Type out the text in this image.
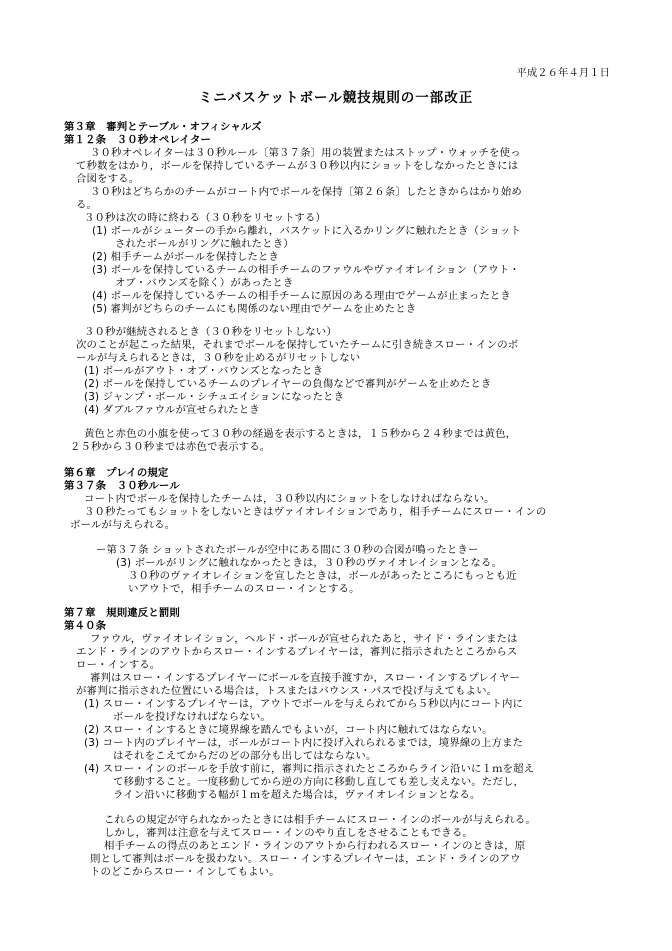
平成２６年４月１日
ミニバスケットボール競技規則の一部改正
第３章　審判とテーブル・オフィシャルズ
第１２条　３０秒オペレイター
３０秒オペレイターは３０秒ルール〔第３７条〕用の装置またはストップ・ウォッチを使っ
て秒数をはかり，ボールを保持しているチームが３０秒以内にショットをしなかったときには
合図をする。
３０秒はどちらかのチームがコート内でボールを保持〔第２６条〕したときからはかり始め
る。
３０秒は次の時に終わる（３０秒をリセットする）
(1) ボールがシューターの手から離れ，バスケットに入るかリングに触れたとき（ショット
されたボールがリングに触れたとき）
(2) 相手チームがボールを保持したとき
(3) ボールを保持しているチームの相手チームのファウルやヴァイオレイション（アウト・
オブ・バウンズを除く）があったとき
(4) ボールを保持しているチームの相手チームに原因のある理由でゲームが止まったとき
(5) 審判がどちらのチームにも関係のない理由でゲームを止めたとき
３０秒が継続されるとき（３０秒をリセットしない）
次のことが起こった結果，それまでボールを保持していたチームに引き続きスロー・インのボ
ールが与えられるときは，３０秒を止めるがリセットしない
(1) ボールがアウト・オブ・バウンズとなったとき
(2) ボールを保持しているチームのプレイヤーの負傷などで審判がゲームを止めたとき
(3) ジャンプ・ボール・シチュエイションになったとき
(4) ダブルファウルが宣せられたとき
黄色と赤色の小旗を使って３０秒の経過を表示するときは，１５秒から２４秒までは黄色，
２５秒から３０秒までは赤色で表示する。
第６章　プレイの規定
第３７条　３０秒ルール
コート内でボールを保持したチームは，３０秒以内にショットをしなければならない。
３０秒たってもショットをしないときはヴァイオレイションであり，相手チームにスロー・インの
ボールが与えられる。
ー第３７条 ショットされたボールが空中にある間に３０秒の合図が鳴ったときー
(3) ボールがリングに触れなかったときは，３０秒のヴァイオレイションとなる。
３０秒のヴァイオレイションを宣したときは，ボールがあったところにもっとも近
いアウトで，相手チームのスロー・インとする。
第７章　規則違反と罰則
第４０条
ファウル，ヴァイオレイション，ヘルド・ボールが宣せられたあと，サイド・ラインまたは
エンド・ラインのアウトからスロー・インするプレイヤーは，審判に指示されたところからス
ロー・インする。
審判はスロー・インするプレイヤーにボールを直接手渡すか，スロー・インするプレイヤー
が審判に指示された位置にいる場合は，トスまたはバウンス・パスで投げ与えてもよい。
(1) スロー・インするプレイヤーは，アウトでボールを与えられてから５秒以内にコート内に
ボールを投げなければならない。
(2) スロー・インするときに境界線を踏んでもよいが，コート内に触れてはならない。
(3) コート内のプレイヤーは，ボールがコート内に投げ入れられるまでは，境界線の上方また
はそれをこえてからだのどの部分も出してはならない。
(4) スロー・インのボールを手放す前に，審判に指示されたところからライン沿いに１ｍを超え
て移動すること。一度移動してから逆の方向に移動し直しても差し支えない。ただし，
ライン沿いに移動する幅が１ｍを超えた場合は，ヴァイオレイションとなる。
これらの規定が守られなかったときには相手チームにスロー・インのボールが与えられる。
しかし，審判は注意を与えてスロー・インのやり直しをさせることもできる。
相手チームの得点のあとエンド・ラインのアウトから行われるスロー・インのときは，原
則として審判はボールを扱わない。スロー・インするプレイヤーは，エンド・ラインのアウ
トのどこからスロー・インしてもよい。
